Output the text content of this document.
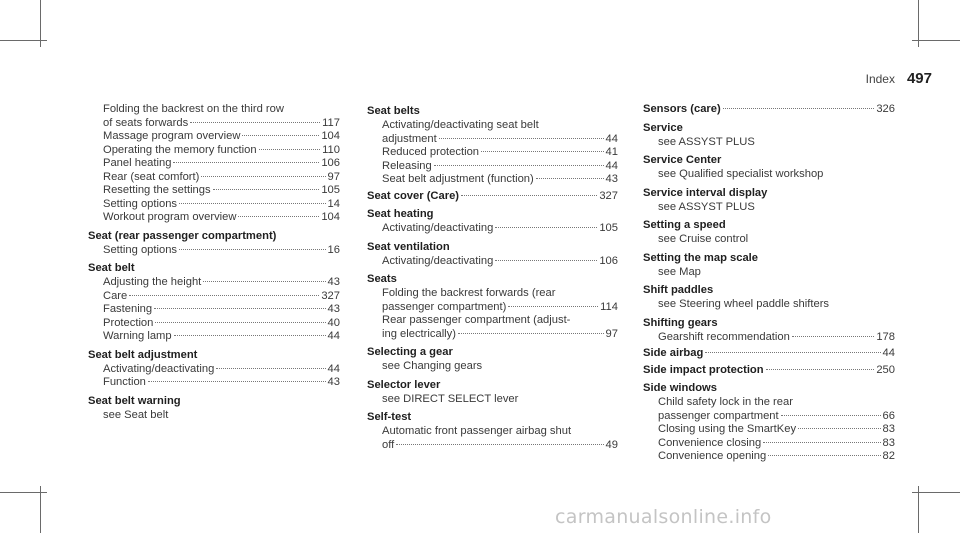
Index 497
Folding the backrest on the third row
of seats forwards	117
Massage program overview	104
Operating the memory function	110
Panel heating	106
Rear (seat comfort)	97
Resetting the settings	105
Setting options	14
Workout program overview	104
Seat (rear passenger compartment)
Setting options	16
Seat belt
Adjusting the height	43
Care	327
Fastening	43
Protection	40
Warning lamp	44
Seat belt adjustment
Activating/deactivating	44
Function	43
Seat belt warning
see Seat belt
Seat belts
Activating/deactivating seat belt
adjustment	44
Reduced protection	41
Releasing	44
Seat belt adjustment (function)	43
Seat cover (Care)	327
Seat heating
Activating/deactivating	105
Seat ventilation
Activating/deactivating	106
Seats
Folding the backrest forwards (rear
passenger compartment)	114
Rear passenger compartment (adjust-
ing electrically)	97
Selecting a gear
see Changing gears
Selector lever
see DIRECT SELECT lever
Self-test
Automatic front passenger airbag shut
off	49
Sensors (care)	326
Service
see ASSYST PLUS
Service Center
see Qualified specialist workshop
Service interval display
see ASSYST PLUS
Setting a speed
see Cruise control
Setting the map scale
see Map
Shift paddles
see Steering wheel paddle shifters
Shifting gears
Gearshift recommendation	178
Side airbag	44
Side impact protection	250
Side windows
Child safety lock in the rear
passenger compartment	66
Closing using the SmartKey	83
Convenience closing	83
Convenience opening	82
carmanualsonline.info
